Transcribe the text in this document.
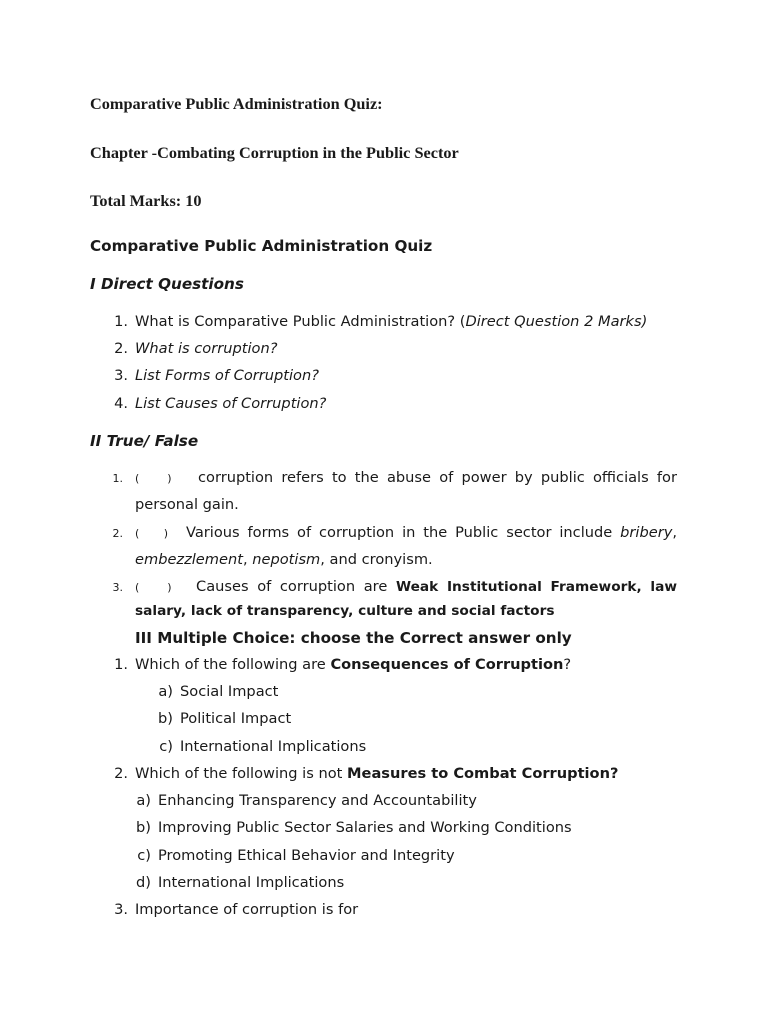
Comparative Public Administration Quiz:
Chapter -Combating Corruption in the Public Sector
Total Marks: 10
Comparative Public Administration Quiz
I Direct Questions
1. What is Comparative Public Administration? (Direct Question 2 Marks)
2. What is corruption?
3. List Forms of Corruption?
4. List Causes of Corruption?
II True/ False
1. (        ) corruption refers to the abuse of power by public officials for
personal gain.
2. (       ) Various forms of corruption in the Public sector include bribery,
embezzlement, nepotism, and cronyism.
3. (        ) Causes of corruption are Weak Institutional Framework, law
salary, lack of transparency, culture and social factors
III Multiple Choice: choose the Correct answer only
1. Which of the following are Consequences of Corruption?
a) Social Impact
b) Political Impact
c) International Implications
2. Which of the following is not Measures to Combat Corruption?
a) Enhancing Transparency and Accountability
b) Improving Public Sector Salaries and Working Conditions
c) Promoting Ethical Behavior and Integrity
d) International Implications
3. Importance of corruption is for
